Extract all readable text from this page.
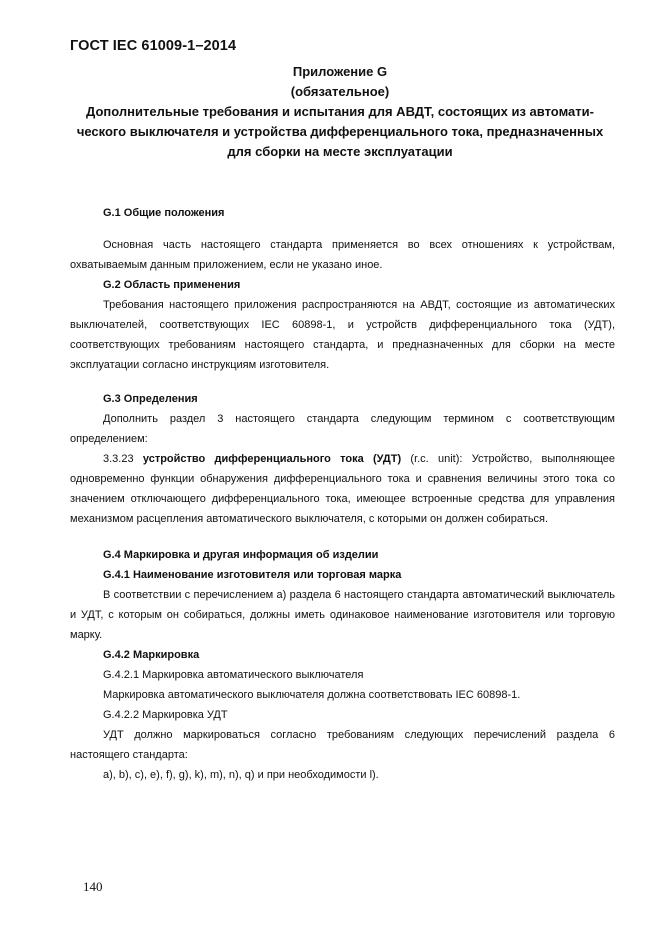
ГОСТ IEC 61009-1–2014
Приложение G
(обязательное)
Дополнительные требования и испытания для АВДТ, состоящих из автомати-
ческого выключателя и устройства дифференциального тока, предназначенных
для сборки на месте эксплуатации
G.1 Общие положения

Основная часть настоящего стандарта применяется во всех отношениях к устройствам, охватываемым данным приложением, если не указано иное.

G.2 Область применения

Требования настоящего приложения распространяются на АВДТ, состоящие из автоматических выключателей, соответствующих IEC 60898-1, и устройств дифференциального тока (УДТ), соответствующих требованиям настоящего стандарта, и предназначенных для сборки на месте эксплуатации согласно инструкциям изготовителя.

G.3 Определения

Дополнить раздел 3 настоящего стандарта следующим термином с соответствующим определением:

3.3.23 устройство дифференциального тока (УДТ) (r.c. unit): Устройство, выполняющее одновременно функции обнаружения дифференциального тока и сравнения величины этого тока со значением отключающего дифференциального тока, имеющее встроенные средства для управления механизмом расцепления автоматического выключателя, с которыми он должен собираться.

G.4 Маркировка и другая информация об изделии
G.4.1 Наименование изготовителя или торговая марка

В соответствии с перечислением а) раздела 6 настоящего стандарта автоматический выключатель и УДТ, с которым он собираться, должны иметь одинаковое наименование изготовителя или торговую марку.

G.4.2 Маркировка

G.4.2.1 Маркировка автоматического выключателя

Маркировка автоматического выключателя должна соответствовать IEC 60898-1.

G.4.2.2 Маркировка УДТ

УДТ должно маркироваться согласно требованиям следующих перечислений раздела 6 настоящего стандарта:

a), b), c), e), f), g), k), m), n), q) и при необходимости l).

140
